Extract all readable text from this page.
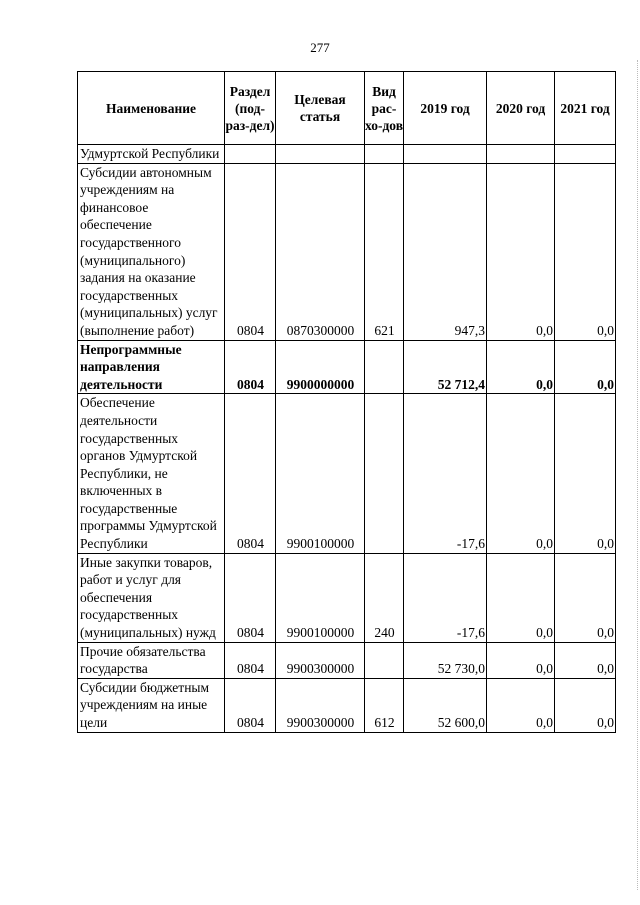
277
Наименование	Раздел (под-раз-дел)	Целевая статья	Вид рас-хо-дов	2019 год	2020 год	2021 год
Удмуртской Республики						
Субсидии автономным учреждениям на финансовое обеспечение государственного (муниципального) задания на оказание государственных (муниципальных) услуг (выполнение работ)	0804	0870300000	621	947,3	0,0	0,0
Непрограммные направления деятельности	0804	9900000000		52 712,4	0,0	0,0
Обеспечение деятельности государственных органов Удмуртской Республики, не включенных в государственные программы Удмуртской Республики	0804	9900100000		-17,6	0,0	0,0
Иные закупки товаров, работ и услуг для обеспечения государственных (муниципальных) нужд	0804	9900100000	240	-17,6	0,0	0,0
Прочие обязательства государства	0804	9900300000		52 730,0	0,0	0,0
Субсидии бюджетным учреждениям на иные цели	0804	9900300000	612	52 600,0	0,0	0,0
